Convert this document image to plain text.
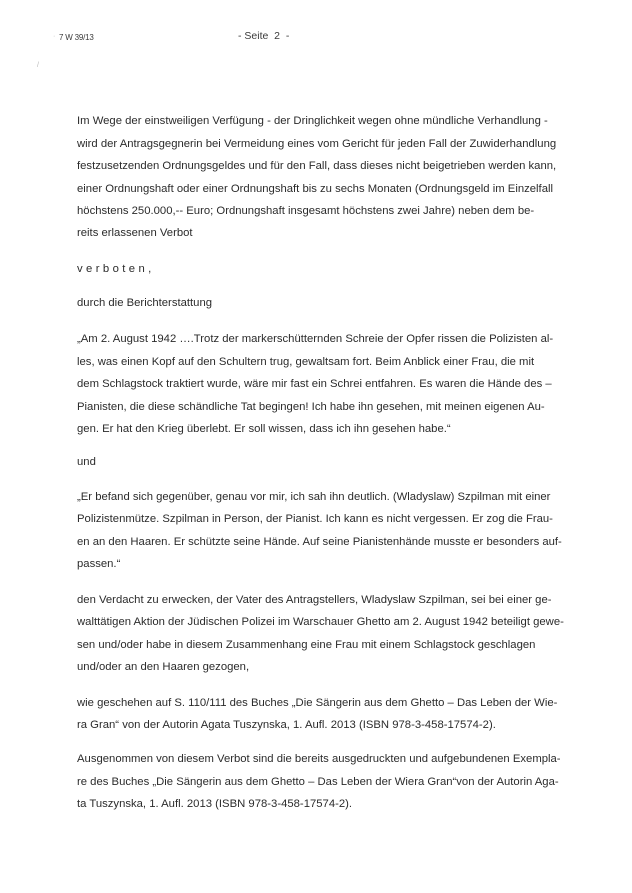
·
/
7 W 39/13	- Seite  2  -
Im Wege der einstweiligen Verfügung - der Dringlichkeit wegen ohne mündliche Verhandlung -
wird der Antragsgegnerin bei Vermeidung eines vom Gericht für jeden Fall der Zuwiderhandlung
festzusetzenden Ordnungsgeldes und für den Fall, dass dieses nicht beigetrieben werden kann,
einer Ordnungshaft oder einer Ordnungshaft bis zu sechs Monaten (Ordnungsgeld im Einzelfall
höchstens 250.000,-- Euro; Ordnungshaft insgesamt höchstens zwei Jahre) neben dem be-
reits erlassenen Verbot
verboten,
durch die Berichterstattung
„Am 2. August 1942 ….Trotz der markerschütternden Schreie der Opfer rissen die Polizisten al-
les, was einen Kopf auf den Schultern trug, gewaltsam fort. Beim Anblick einer Frau, die mit
dem Schlagstock traktiert wurde, wäre mir fast ein Schrei entfahren. Es waren die Hände des –
Pianisten, die diese schändliche Tat begingen! Ich habe ihn gesehen, mit meinen eigenen Au-
gen. Er hat den Krieg überlebt. Er soll wissen, dass ich ihn gesehen habe.“
und
„Er befand sich gegenüber, genau vor mir, ich sah ihn deutlich. (Wladyslaw) Szpilman mit einer
Polizistenmütze. Szpilman in Person, der Pianist. Ich kann es nicht vergessen. Er zog die Frau-
en an den Haaren. Er schützte seine Hände. Auf seine Pianistenhände musste er besonders auf-
passen.“
den Verdacht zu erwecken, der Vater des Antragstellers, Wladyslaw Szpilman, sei bei einer ge-
walttätigen Aktion der Jüdischen Polizei im Warschauer Ghetto am 2. August 1942 beteiligt gewe-
sen und/oder habe in diesem Zusammenhang eine Frau mit einem Schlagstock geschlagen
und/oder an den Haaren gezogen,
wie geschehen auf S. 110/111 des Buches „Die Sängerin aus dem Ghetto – Das Leben der Wie-
ra Gran“ von der Autorin Agata Tuszynska, 1. Aufl. 2013 (ISBN 978-3-458-17574-2).
Ausgenommen von diesem Verbot sind die bereits ausgedruckten und aufgebundenen Exempla-
re des Buches „Die Sängerin aus dem Ghetto – Das Leben der Wiera Gran“von der Autorin Aga-
ta Tuszynska, 1. Aufl. 2013 (ISBN 978-3-458-17574-2).
